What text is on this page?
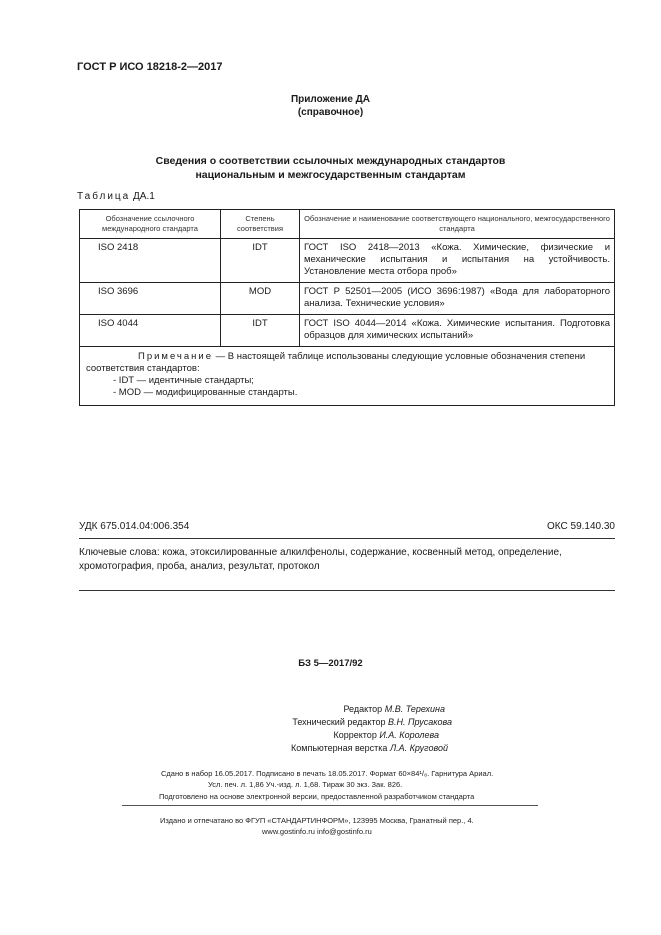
ГОСТ Р ИСО 18218-2—2017
Приложение ДА
(справочное)
Сведения о соответствии ссылочных международных стандартов
национальным и межгосударственным стандартам
Таблица ДА.1
Обозначение ссылочного международного стандарта	Степень соответствия	Обозначение и наименование соответствующего национального, межгосударственного стандарта
ISO 2418	IDT	ГОСТ ISO 2418—2013 «Кожа. Химические, физические и механические испытания и испытания на устойчивость. Установление места отбора проб»
ISO 3696	MOD	ГОСТ Р 52501—2005 (ИСО 3696:1987) «Вода для лабораторного анализа. Технические условия»
ISO 4044	IDT	ГОСТ ISO 4044—2014 «Кожа. Химические испытания. Подготовка образцов для химических испытаний»
Примечание — В настоящей таблице использованы следующие условные обозначения степени соответствия стандартов:
- IDT — идентичные стандарты;
- MOD — модифицированные стандарты.		
УДК 675.014.04:006.354	ОКС 59.140.30
Ключевые слова: кожа, этоксилированные алкилфенолы, содержание, косвенный метод, определение, хромотография, проба, анализ, результат, протокол
БЗ 5—2017/92
Редактор М.В. Терехина
Технический редактор В.Н. Прусакова
Корректор И.А. Королева
Компьютерная верстка Л.А. Круговой
Сдано в набор 16.05.2017. Подписано в печать 18.05.2017. Формат 60×84¹/₈. Гарнитура Ариал.
Усл. печ. л. 1,86 Уч.-изд. л. 1,68. Тираж 30 экз. Зак. 826.
Подготовлено на основе электронной версии, предоставленной разработчиком стандарта
Издано и отпечатано во ФГУП «СТАНДАРТИНФОРМ», 123995 Москва, Гранатный пер., 4.
www.gostinfo.ru info@gostinfo.ru
